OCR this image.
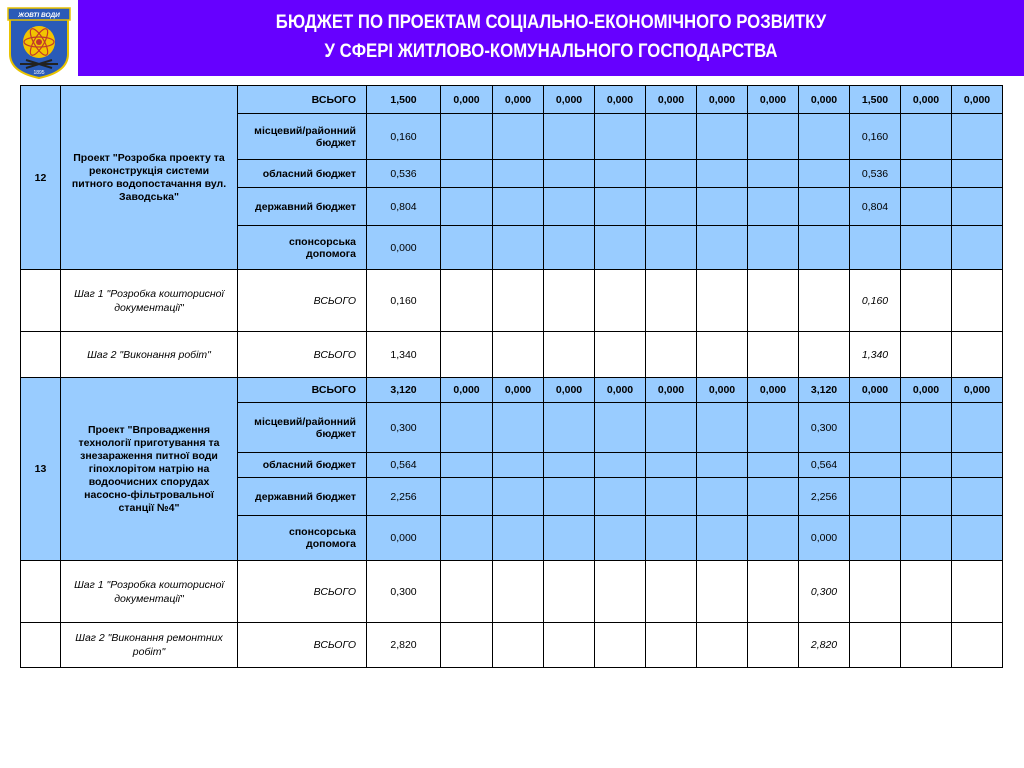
ЖОВТІ ВОДИ
1895
БЮДЖЕТ ПО ПРОЕКТАМ СОЦІАЛЬНО-ЕКОНОМІЧНОГО РОЗВИТКУ
У СФЕРІ ЖИТЛОВО-КОМУНАЛЬНОГО ГОСПОДАРСТВА
12	Проект "Розробка проекту та реконструкція системи питного водопостачання вул. Заводська"	ВСЬОГО	1,500	0,000	0,000	0,000	0,000	0,000	0,000	0,000	0,000	1,500	0,000	0,000
		місцевий/районний бюджет	0,160									0,160		
		обласний бюджет	0,536									0,536		
		державний бюджет	0,804									0,804		
		спонсорська допомога	0,000											
	Шаг 1 "Розробка кошторисної документації"	ВСЬОГО	0,160									0,160		
	Шаг 2 "Виконання робіт"	ВСЬОГО	1,340									1,340		
13	Проект "Впровадження технології приготування та знезараження питної води гіпохлорітом натрію на водоочисних спорудах насосно-фільтровальної станції №4"	ВСЬОГО	3,120	0,000	0,000	0,000	0,000	0,000	0,000	0,000	3,120	0,000	0,000	0,000
		місцевий/районний бюджет	0,300								0,300			
		обласний бюджет	0,564								0,564			
		державний бюджет	2,256								2,256			
		спонсорська допомога	0,000								0,000			
	Шаг 1 "Розробка кошторисної документації"	ВСЬОГО	0,300								0,300			
	Шаг 2 "Виконання ремонтних робіт"	ВСЬОГО	2,820								2,820			
